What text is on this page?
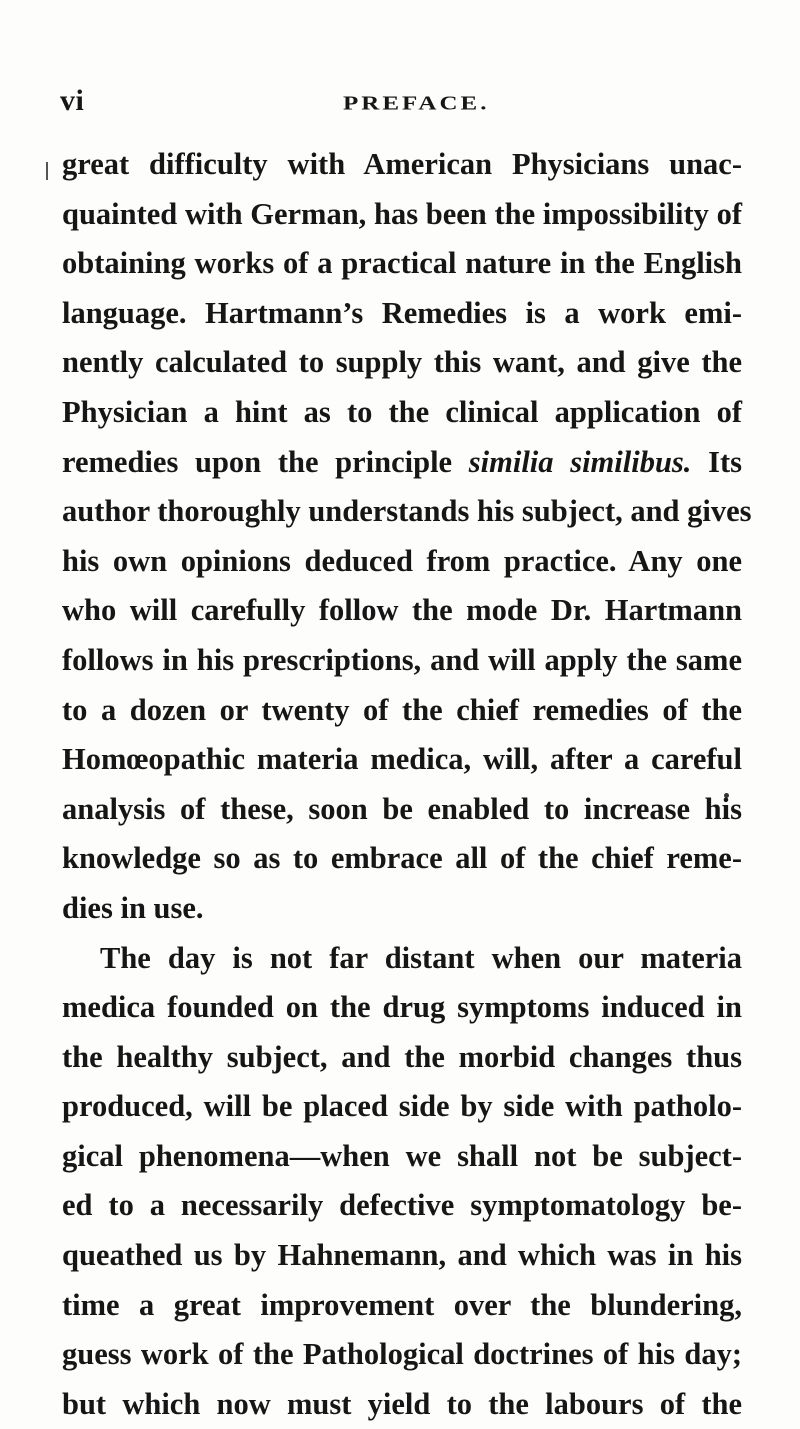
vi	PREFACE.
great difficulty with American Physicians unac-
quainted with German, has been the impossibility of
obtaining works of a practical nature in the English
language. Hartmann’s Remedies is a work emi-
nently calculated to supply this want, and give the
Physician a hint as to the clinical application of
remedies upon the principle similia similibus. Its
author thoroughly understands his subject, and gives
his own opinions deduced from practice. Any one
who will carefully follow the mode Dr. Hartmann
follows in his prescriptions, and will apply the same
to a dozen or twenty of the chief remedies of the
Homœopathic materia medica, will, after a careful
analysis of these, soon be enabled to increase his
knowledge so as to embrace all of the chief reme-
dies in use.
The day is not far distant when our materia
medica founded on the drug symptoms induced in
the healthy subject, and the morbid changes thus
produced, will be placed side by side with patholo-
gical phenomena—when we shall not be subject-
ed to a necessarily defective symptomatology be-
queathed us by Hahnemann, and which was in his
time a great improvement over the blundering,
guess work of the Pathological doctrines of his day;
but which now must yield to the labours of the
